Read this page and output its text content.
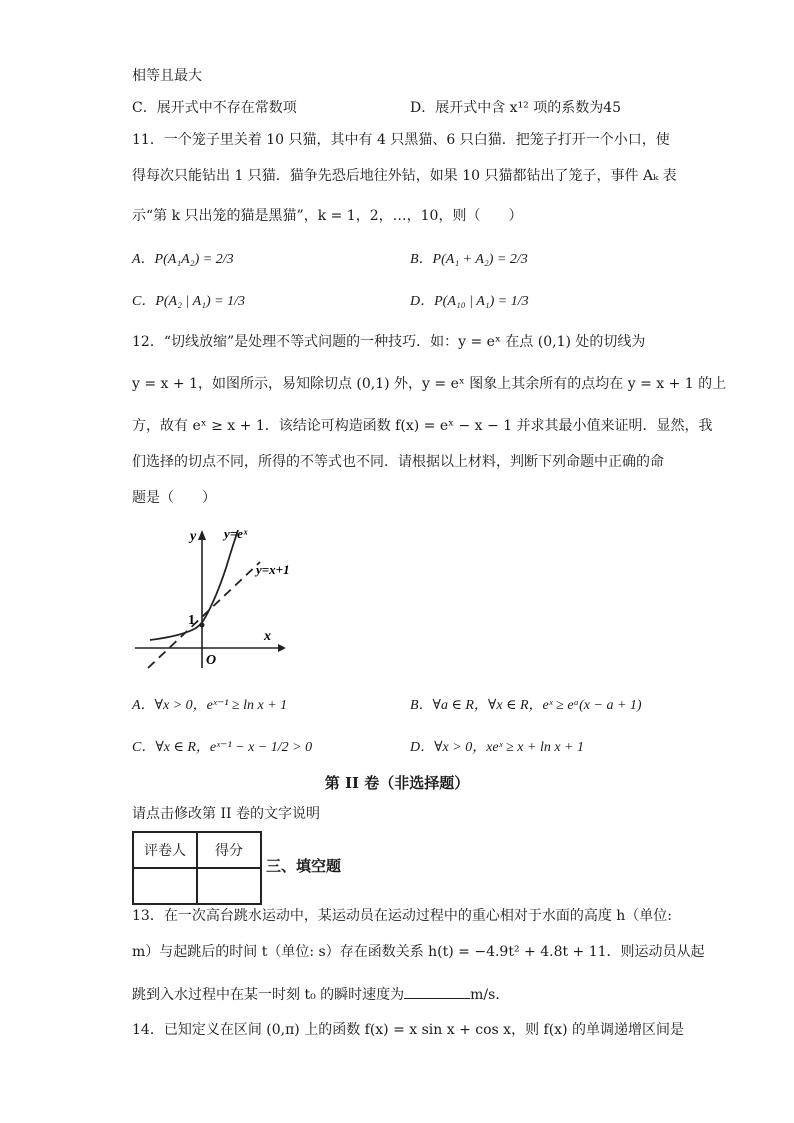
相等且最大
C．展开式中不存在常数项	D．展开式中含 x¹² 项的系数为45
11．一个笼子里关着 10 只猫，其中有 4 只黑猫、6 只白猫．把笼子打开一个小口，使
得每次只能钻出 1 只猫．猫争先恐后地往外钻，如果 10 只猫都钻出了笼子，事件 Aₖ 表
示“第 k 只出笼的猫是黑猫”，k = 1，2，…，10，则（　　）
A．P(A₁A₂) = 2/3	B．P(A₁ + A₂) = 2/3
C．P(A₂ | A₁) = 1/3	D．P(A₁₀ | A₁) = 1/3
12．“切线放缩”是处理不等式问题的一种技巧．如：y = eˣ 在点 (0,1) 处的切线为
y = x + 1，如图所示，易知除切点 (0,1) 外，y = eˣ 图象上其余所有的点均在 y = x + 1 的上
方，故有 eˣ ≥ x + 1．该结论可构造函数 f(x) = eˣ − x − 1 并求其最小值来证明．显然，我
们选择的切点不同，所得的不等式也不同．请根据以上材料，判断下列命题中正确的命
题是（　　）
y y=eˣ
y=x+1
1
x
O
A．∀x > 0，eˣ⁻¹ ≥ ln x + 1	B．∀a ∈ R，∀x ∈ R，eˣ ≥ eᵃ(x − a + 1)
C．∀x ∈ R，eˣ⁻¹ − x − 1/2 > 0	D．∀x > 0，xeˣ ≥ x + ln x + 1
第 II 卷（非选择题）
请点击修改第 II 卷的文字说明
评卷人	得分

三、填空题
13．在一次高台跳水运动中，某运动员在运动过程中的重心相对于水面的高度 h（单位:
m）与起跳后的时间 t（单位: s）存在函数关系 h(t) = −4.9t² + 4.8t + 11．则运动员从起
跳到入水过程中在某一时刻 t₀ 的瞬时速度为	m/s．
14．已知定义在区间 (0,π) 上的函数 f(x) = x sin x + cos x，则 f(x) 的单调递增区间是
